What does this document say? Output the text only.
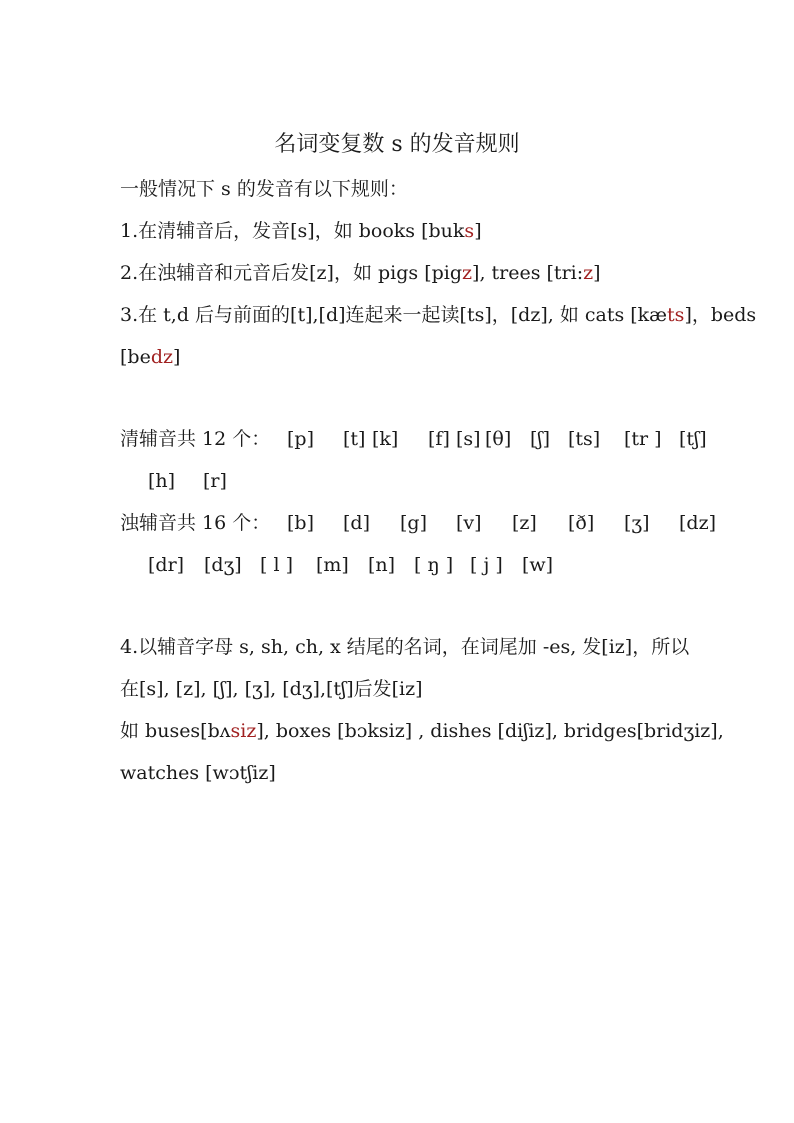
名词变复数 s 的发音规则
一般情况下 s 的发音有以下规则：
1.在清辅音后，发音[s]，如 books [buks]
2.在浊辅音和元音后发[z]，如 pigs [pigz], trees [tri:z]
3.在 t,d 后与前面的[t],[d]连起来一起读[ts]，[dz], 如 cats [kæts]，beds
[bedz]
清辅音共 12 个： [p] [t] [k] [f] [s] [θ] [ʃ] [ts] [tr ] [tʃ]
[h] [r]
浊辅音共 16 个： [b] [d] [g] [v] [z] [ð] [ʒ] [dz]
[dr] [dʒ] [ l ] [m] [n] [ ŋ ] [ j ] [w]
4.以辅音字母 s, sh, ch, x 结尾的名词，在词尾加 -es, 发[iz]，所以
在[s], [z], [ʃ], [ʒ], [dʒ],[tʃ]后发[iz]
如 buses[bʌsiz], boxes [bɔksiz] , dishes [diʃiz], bridges[bridʒiz],
watches [wɔtʃiz]
